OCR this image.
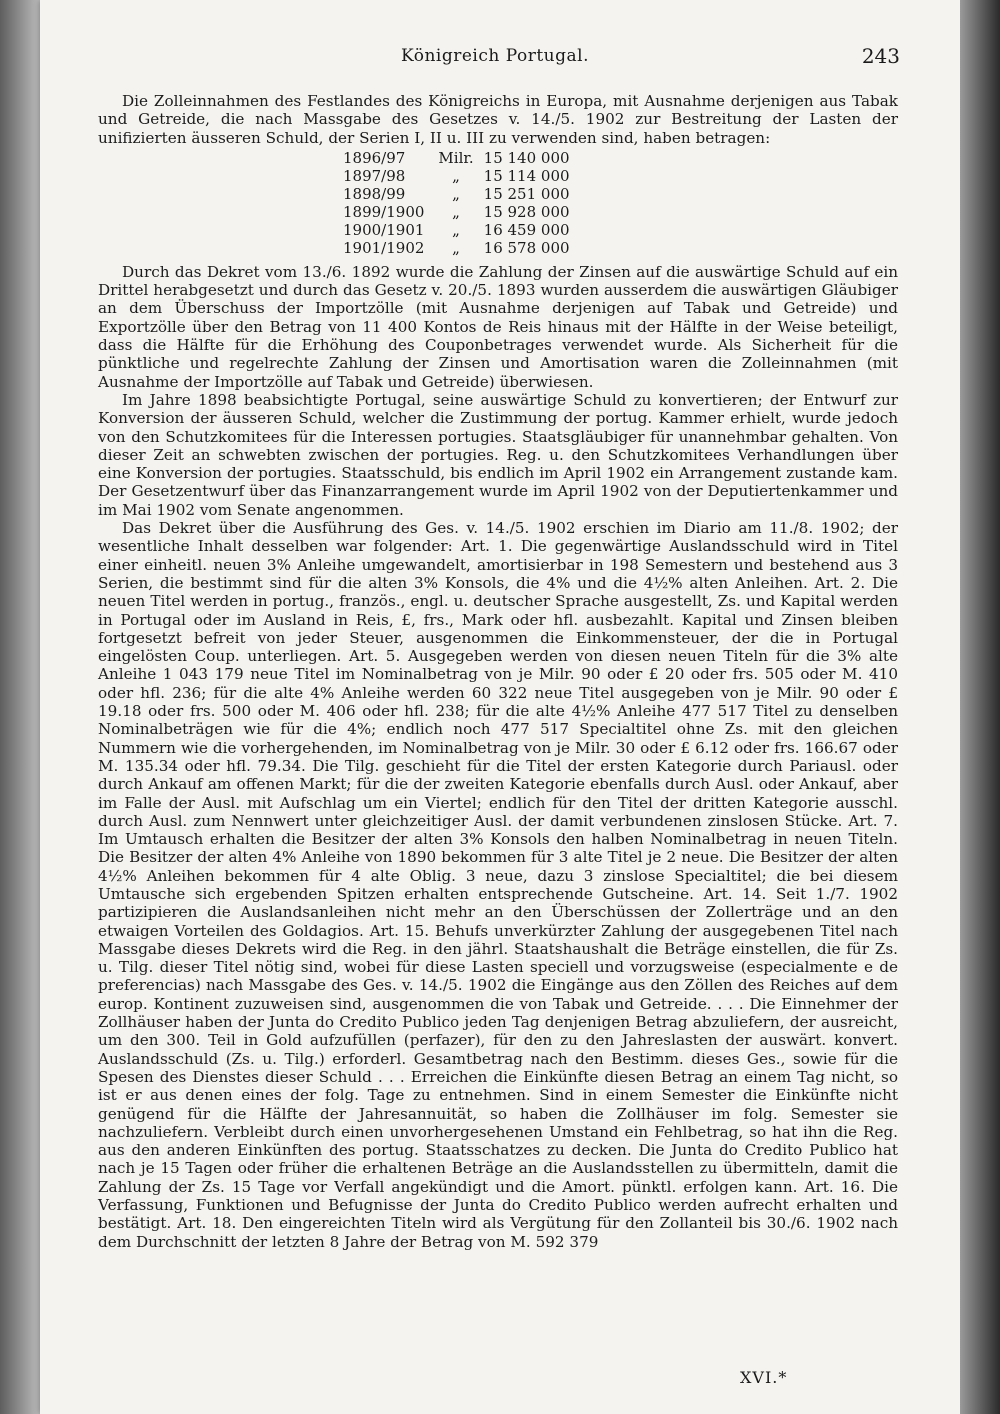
Königreich Portugal.	243

Die Zolleinnahmen des Festlandes des Königreichs in Europa, mit Ausnahme derjenigen aus Tabak und Getreide, die nach Massgabe des Gesetzes v. 14./5. 1902 zur Bestreitung der Lasten der unifizierten äusseren Schuld, der Serien I, II u. III zu verwenden sind, haben betragen:

1896/97	Milr.	15 140 000
1897/98	„	15 114 000
1898/99	„	15 251 000
1899/1900	„	15 928 000
1900/1901	„	16 459 000
1901/1902	„	16 578 000

Durch das Dekret vom 13./6. 1892 wurde die Zahlung der Zinsen auf die auswärtige Schuld auf ein Drittel herabgesetzt und durch das Gesetz v. 20./5. 1893 wurden ausserdem die auswärtigen Gläubiger an dem Überschuss der Importzölle (mit Ausnahme derjenigen auf Tabak und Getreide) und Exportzölle über den Betrag von 11 400 Kontos de Reis hinaus mit der Hälfte in der Weise beteiligt, dass die Hälfte für die Erhöhung des Couponbetrages verwendet wurde. Als Sicherheit für die pünktliche und regelrechte Zahlung der Zinsen und Amortisation waren die Zolleinnahmen (mit Ausnahme der Importzölle auf Tabak und Getreide) überwiesen.

Im Jahre 1898 beabsichtigte Portugal, seine auswärtige Schuld zu konvertieren; der Entwurf zur Konversion der äusseren Schuld, welcher die Zustimmung der portug. Kammer erhielt, wurde jedoch von den Schutzkomitees für die Interessen portugies. Staatsgläubiger für unannehmbar gehalten. Von dieser Zeit an schwebten zwischen der portugies. Reg. u. den Schutzkomitees Verhandlungen über eine Konversion der portugies. Staatsschuld, bis endlich im April 1902 ein Arrangement zustande kam. Der Gesetzentwurf über das Finanzarrangement wurde im April 1902 von der Deputiertenkammer und im Mai 1902 vom Senate angenommen.

Das Dekret über die Ausführung des Ges. v. 14./5. 1902 erschien im Diario am 11./8. 1902; der wesentliche Inhalt desselben war folgender: Art. 1. Die gegenwärtige Auslandsschuld wird in Titel einer einheitl. neuen 3% Anleihe umgewandelt, amortisierbar in 198 Semestern und bestehend aus 3 Serien, die bestimmt sind für die alten 3% Konsols, die 4% und die 4½% alten Anleihen. Art. 2. Die neuen Titel werden in portug., französ., engl. u. deutscher Sprache ausgestellt, Zs. und Kapital werden in Portugal oder im Ausland in Reis, £, frs., Mark oder hfl. ausbezahlt. Kapital und Zinsen bleiben fortgesetzt befreit von jeder Steuer, ausgenommen die Einkommensteuer, der die in Portugal eingelösten Coup. unterliegen. Art. 5. Ausgegeben werden von diesen neuen Titeln für die 3% alte Anleihe 1 043 179 neue Titel im Nominalbetrag von je Milr. 90 oder £ 20 oder frs. 505 oder M. 410 oder hfl. 236; für die alte 4% Anleihe werden 60 322 neue Titel ausgegeben von je Milr. 90 oder £ 19.18 oder frs. 500 oder M. 406 oder hfl. 238; für die alte 4½% Anleihe 477 517 Titel zu denselben Nominalbeträgen wie für die 4%; endlich noch 477 517 Specialtitel ohne Zs. mit den gleichen Nummern wie die vorhergehenden, im Nominalbetrag von je Milr. 30 oder £ 6.12 oder frs. 166.67 oder M. 135.34 oder hfl. 79.34. Die Tilg. geschieht für die Titel der ersten Kategorie durch Pariausl. oder durch Ankauf am offenen Markt; für die der zweiten Kategorie ebenfalls durch Ausl. oder Ankauf, aber im Falle der Ausl. mit Aufschlag um ein Viertel; endlich für den Titel der dritten Kategorie ausschl. durch Ausl. zum Nennwert unter gleichzeitiger Ausl. der damit verbundenen zinslosen Stücke. Art. 7. Im Umtausch erhalten die Besitzer der alten 3% Konsols den halben Nominalbetrag in neuen Titeln. Die Besitzer der alten 4% Anleihe von 1890 bekommen für 3 alte Titel je 2 neue. Die Besitzer der alten 4½% Anleihen bekommen für 4 alte Oblig. 3 neue, dazu 3 zinslose Specialtitel; die bei diesem Umtausche sich ergebenden Spitzen erhalten entsprechende Gutscheine. Art. 14. Seit 1./7. 1902 partizipieren die Auslandsanleihen nicht mehr an den Überschüssen der Zollerträge und an den etwaigen Vorteilen des Goldagios. Art. 15. Behufs unverkürzter Zahlung der ausgegebenen Titel nach Massgabe dieses Dekrets wird die Reg. in den jährl. Staatshaushalt die Beträge einstellen, die für Zs. u. Tilg. dieser Titel nötig sind, wobei für diese Lasten speciell und vorzugsweise (especialmente e de preferencias) nach Massgabe des Ges. v. 14./5. 1902 die Eingänge aus den Zöllen des Reiches auf dem europ. Kontinent zuzuweisen sind, ausgenommen die von Tabak und Getreide. . . . Die Einnehmer der Zollhäuser haben der Junta do Credito Publico jeden Tag denjenigen Betrag abzuliefern, der ausreicht, um den 300. Teil in Gold aufzufüllen (perfazer), für den zu den Jahreslasten der auswärt. konvert. Auslandsschuld (Zs. u. Tilg.) erforderl. Gesamtbetrag nach den Bestimm. dieses Ges., sowie für die Spesen des Dienstes dieser Schuld . . . Erreichen die Einkünfte diesen Betrag an einem Tag nicht, so ist er aus denen eines der folg. Tage zu entnehmen. Sind in einem Semester die Einkünfte nicht genügend für die Hälfte der Jahresannuität, so haben die Zollhäuser im folg. Semester sie nachzuliefern. Verbleibt durch einen unvorhergesehenen Umstand ein Fehlbetrag, so hat ihn die Reg. aus den anderen Einkünften des portug. Staatsschatzes zu decken. Die Junta do Credito Publico hat nach je 15 Tagen oder früher die erhaltenen Beträge an die Auslandsstellen zu übermitteln, damit die Zahlung der Zs. 15 Tage vor Verfall angekündigt und die Amort. pünktl. erfolgen kann. Art. 16. Die Verfassung, Funktionen und Befugnisse der Junta do Credito Publico werden aufrecht erhalten und bestätigt. Art. 18. Den eingereichten Titeln wird als Vergütung für den Zollanteil bis 30./6. 1902 nach dem Durchschnitt der letzten 8 Jahre der Betrag von M. 592 379

XVI.*
